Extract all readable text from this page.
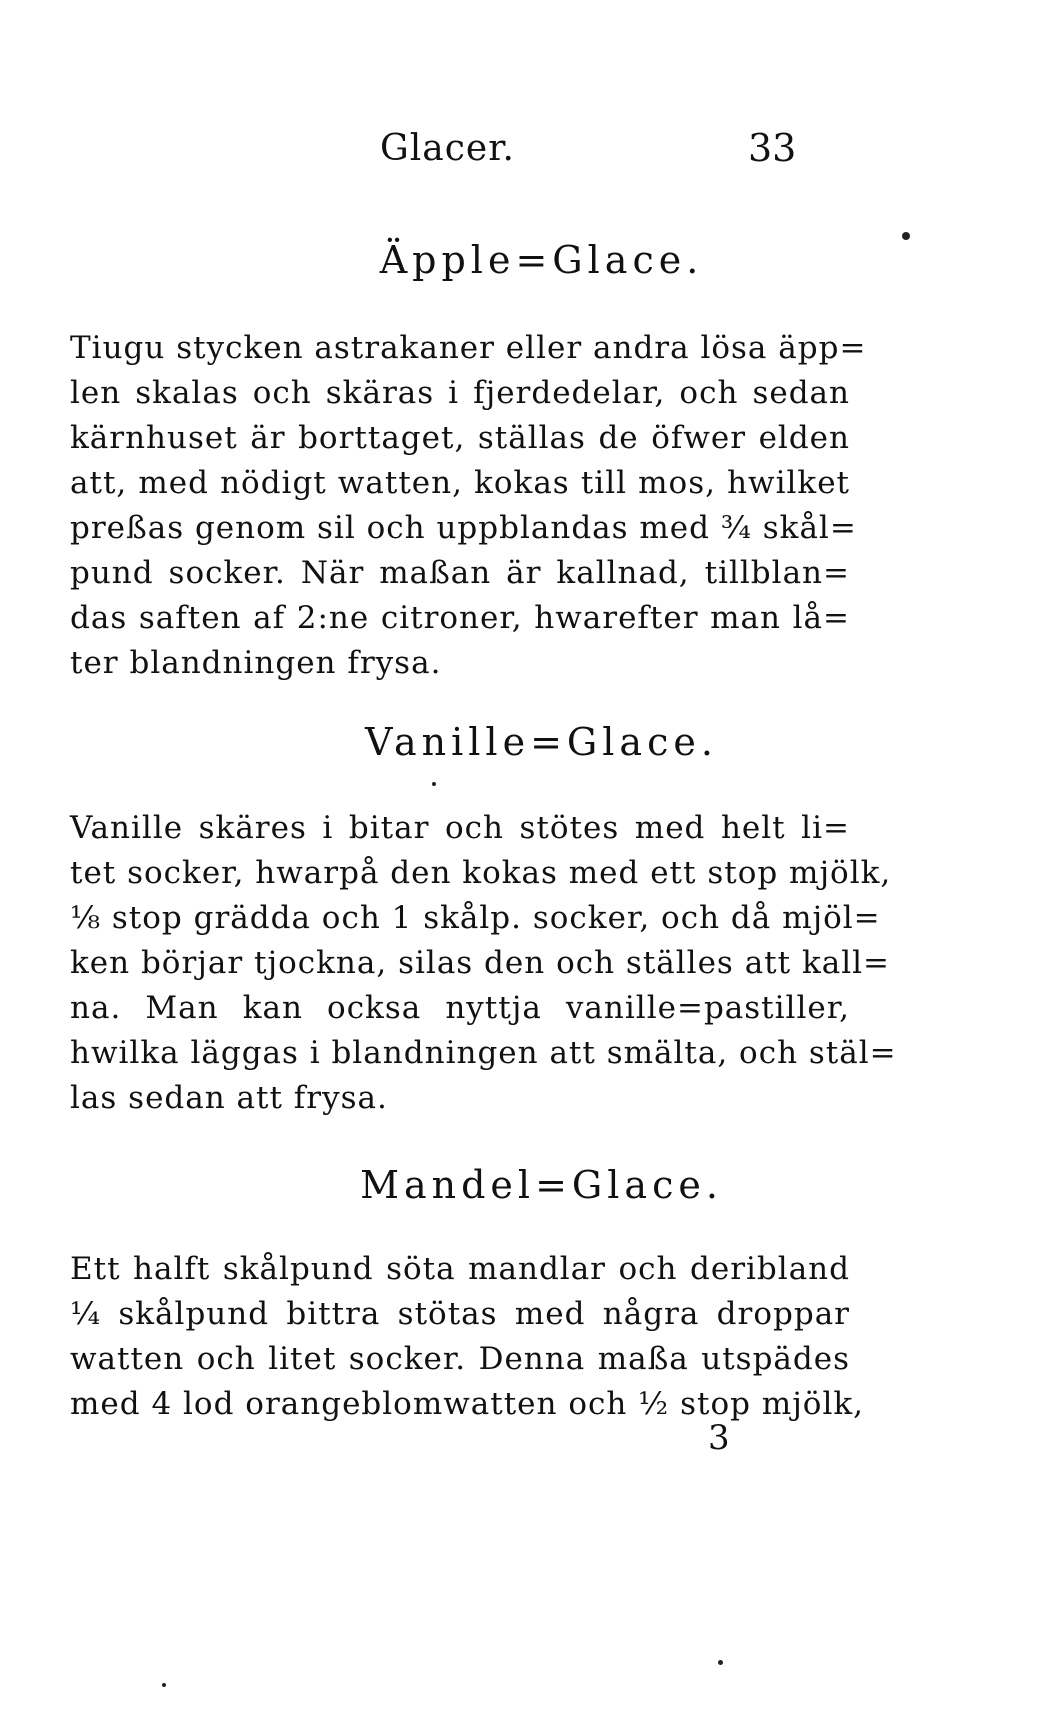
Glacer.	33
Äpple=Glace.
Tiugu stycken astrakaner eller andra lösa äpp=
len skalas och skäras i fjerdedelar, och sedan
kärnhuset är borttaget, ställas de öfwer elden
att, med nödigt watten, kokas till mos, hwilket
preßas genom sil och uppblandas med ¾ skål=
pund socker. När maßan är kallnad, tillblan=
das saften af 2:ne citroner, hwarefter man lå=
ter blandningen frysa.
Vanille=Glace.
Vanille skäres i bitar och stötes med helt li=
tet socker, hwarpå den kokas med ett stop mjölk,
⅛ stop grädda och 1 skålp. socker, och då mjöl=
ken börjar tjockna, silas den och ställes att kall=
na. Man kan ocksa nyttja vanille=pastiller,
hwilka läggas i blandningen att smälta, och stäl=
las sedan att frysa.
Mandel=Glace.
Ett halft skålpund söta mandlar och deribland
¼ skålpund bittra stötas med några droppar
watten och litet socker. Denna maßa utspädes
med 4 lod orangeblomwatten och ½ stop mjölk,
3
